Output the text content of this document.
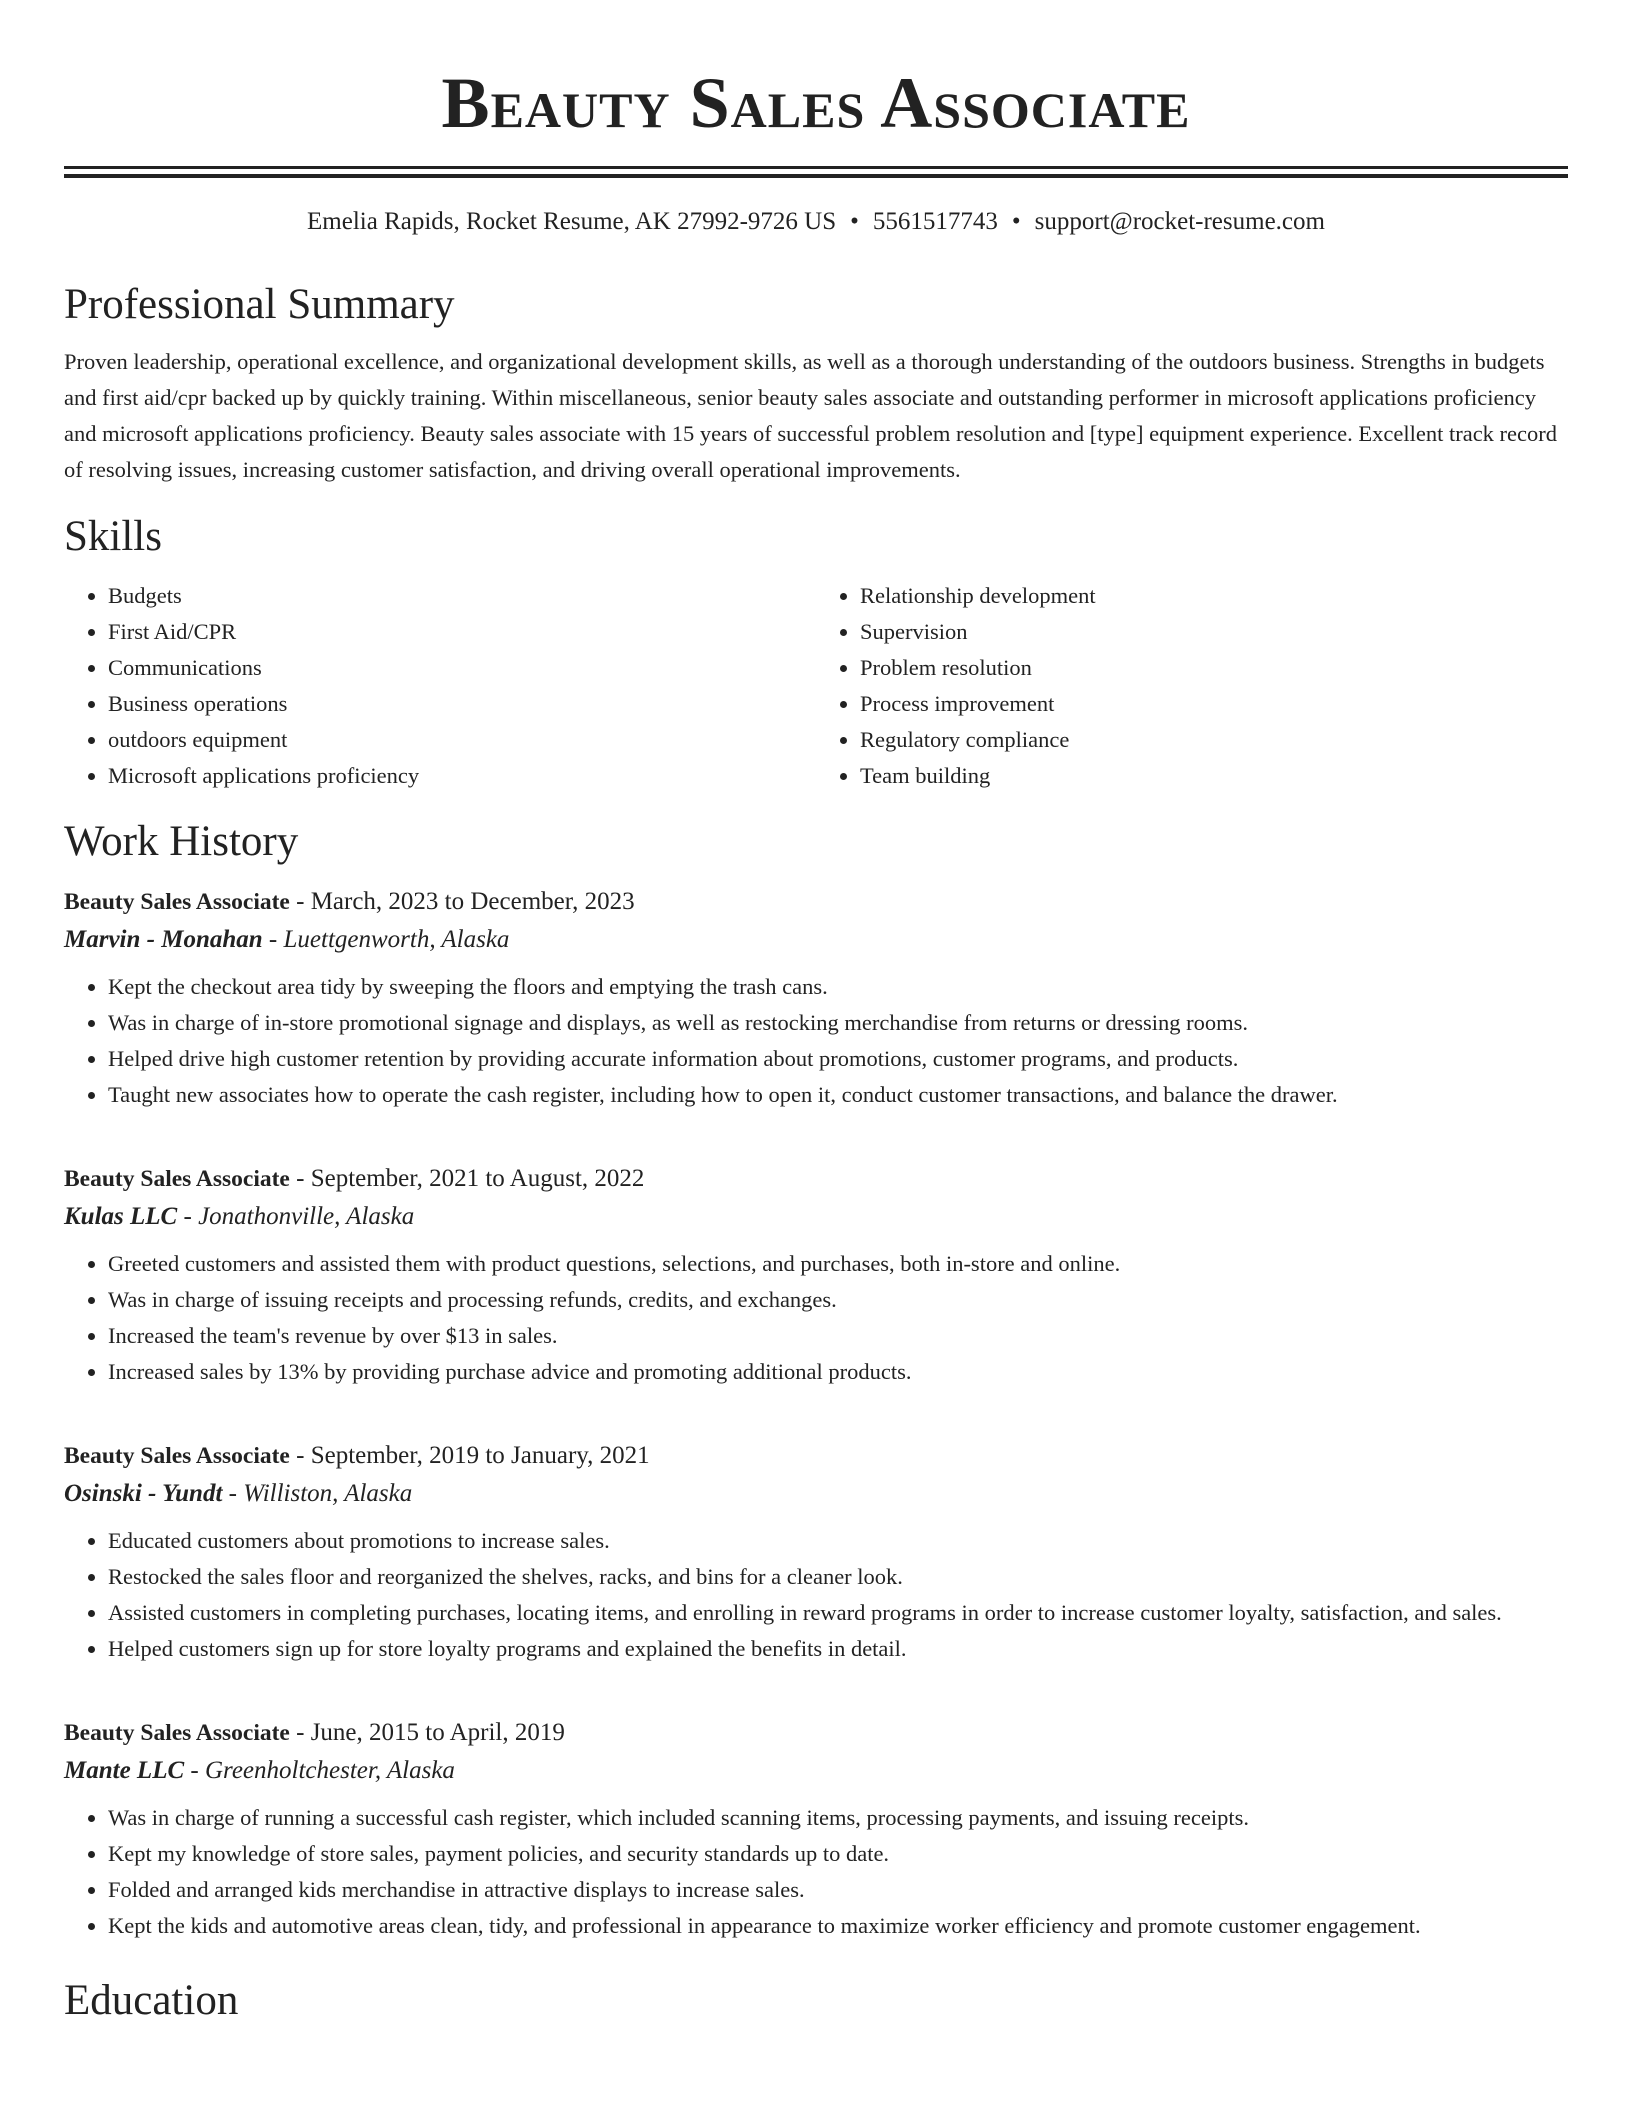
Beauty Sales Associate
Emelia Rapids, Rocket Resume, AK 27992-9726 US • 5561517743 • support@rocket-resume.com
Professional Summary

Proven leadership, operational excellence, and organizational development skills, as well as a thorough understanding of the outdoors business. Strengths in budgets and first aid/cpr backed up by quickly training. Within miscellaneous, senior beauty sales associate and outstanding performer in microsoft applications proficiency and microsoft applications proficiency. Beauty sales associate with 15 years of successful problem resolution and [type] equipment experience. Excellent track record of resolving issues, increasing customer satisfaction, and driving overall operational improvements.

Skills
• Budgets
• First Aid/CPR
• Communications
• Business operations
• outdoors equipment
• Microsoft applications proficiency
• Relationship development
• Supervision
• Problem resolution
• Process improvement
• Regulatory compliance
• Team building
Work History
Beauty Sales Associate - March, 2023 to December, 2023
Marvin - Monahan - Luettgenworth, Alaska
• Kept the checkout area tidy by sweeping the floors and emptying the trash cans.
• Was in charge of in-store promotional signage and displays, as well as restocking merchandise from returns or dressing rooms.
• Helped drive high customer retention by providing accurate information about promotions, customer programs, and products.
• Taught new associates how to operate the cash register, including how to open it, conduct customer transactions, and balance the drawer.
Beauty Sales Associate - September, 2021 to August, 2022
Kulas LLC - Jonathonville, Alaska
• Greeted customers and assisted them with product questions, selections, and purchases, both in-store and online.
• Was in charge of issuing receipts and processing refunds, credits, and exchanges.
• Increased the team's revenue by over $13 in sales.
• Increased sales by 13% by providing purchase advice and promoting additional products.
Beauty Sales Associate - September, 2019 to January, 2021
Osinski - Yundt - Williston, Alaska
• Educated customers about promotions to increase sales.
• Restocked the sales floor and reorganized the shelves, racks, and bins for a cleaner look.
• Assisted customers in completing purchases, locating items, and enrolling in reward programs in order to increase customer loyalty, satisfaction, and sales.
• Helped customers sign up for store loyalty programs and explained the benefits in detail.
Beauty Sales Associate - June, 2015 to April, 2019
Mante LLC - Greenholtchester, Alaska
• Was in charge of running a successful cash register, which included scanning items, processing payments, and issuing receipts.
• Kept my knowledge of store sales, payment policies, and security standards up to date.
• Folded and arranged kids merchandise in attractive displays to increase sales.
• Kept the kids and automotive areas clean, tidy, and professional in appearance to maximize worker efficiency and promote customer engagement.
Education
